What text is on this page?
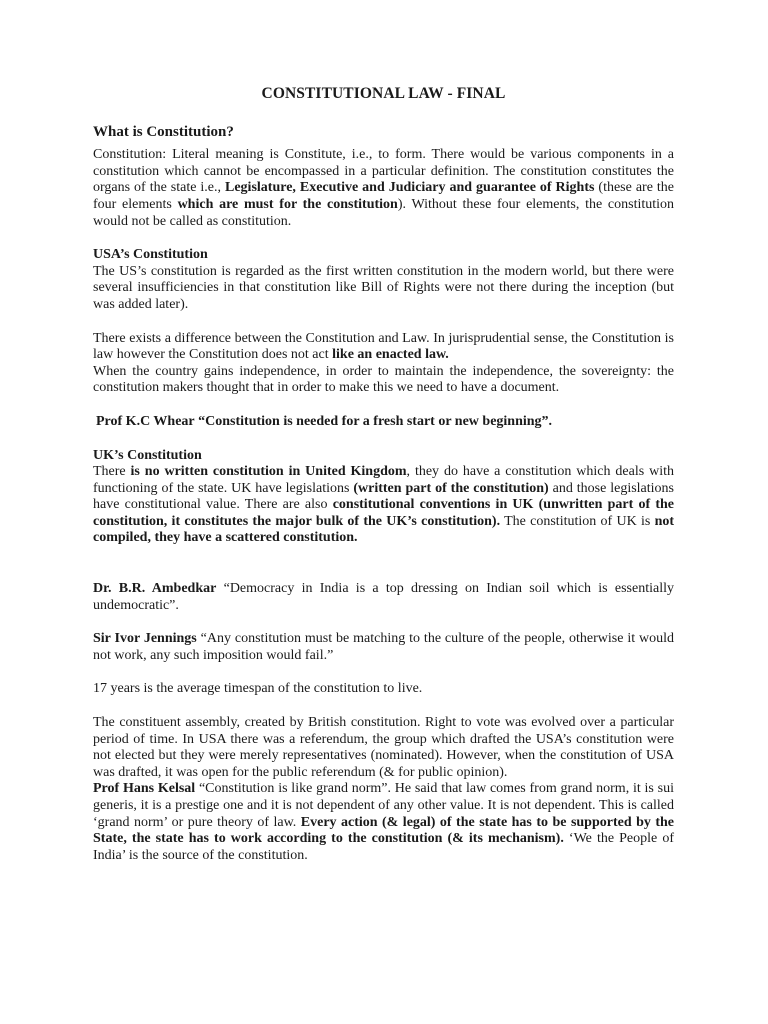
CONSTITUTIONAL LAW - FINAL
What is Constitution?

Constitution: Literal meaning is Constitute, i.e., to form. There would be various components in a constitution which cannot be encompassed in a particular definition. The constitution constitutes the organs of the state i.e., Legislature, Executive and Judiciary and guarantee of Rights (these are the four elements which are must for the constitution). Without these four elements, the constitution would not be called as constitution.

USA’s Constitution

The US’s constitution is regarded as the first written constitution in the modern world, but there were several insufficiencies in that constitution like Bill of Rights were not there during the inception (but was added later).

There exists a difference between the Constitution and Law. In jurisprudential sense, the Constitution is law however the Constitution does not act like an enacted law.

When the country gains independence, in order to maintain the independence, the sovereignty: the constitution makers thought that in order to make this we need to have a document.

Prof K.C Whear “Constitution is needed for a fresh start or new beginning”.

UK’s Constitution

There is no written constitution in United Kingdom, they do have a constitution which deals with functioning of the state. UK have legislations (written part of the constitution) and those legislations have constitutional value. There are also constitutional conventions in UK (unwritten part of the constitution, it constitutes the major bulk of the UK’s constitution). The constitution of UK is not compiled, they have a scattered constitution.

Dr. B.R. Ambedkar “Democracy in India is a top dressing on Indian soil which is essentially undemocratic”.

Sir Ivor Jennings “Any constitution must be matching to the culture of the people, otherwise it would not work, any such imposition would fail.”

17 years is the average timespan of the constitution to live.

The constituent assembly, created by British constitution. Right to vote was evolved over a particular period of time. In USA there was a referendum, the group which drafted the USA’s constitution were not elected but they were merely representatives (nominated). However, when the constitution of USA was drafted, it was open for the public referendum (& for public opinion).

Prof Hans Kelsal “Constitution is like grand norm”. He said that law comes from grand norm, it is sui generis, it is a prestige one and it is not dependent of any other value. It is not dependent. This is called ‘grand norm’ or pure theory of law. Every action (& legal) of the state has to be supported by the State, the state has to work according to the constitution (& its mechanism). ‘We the People of India’ is the source of the constitution.
